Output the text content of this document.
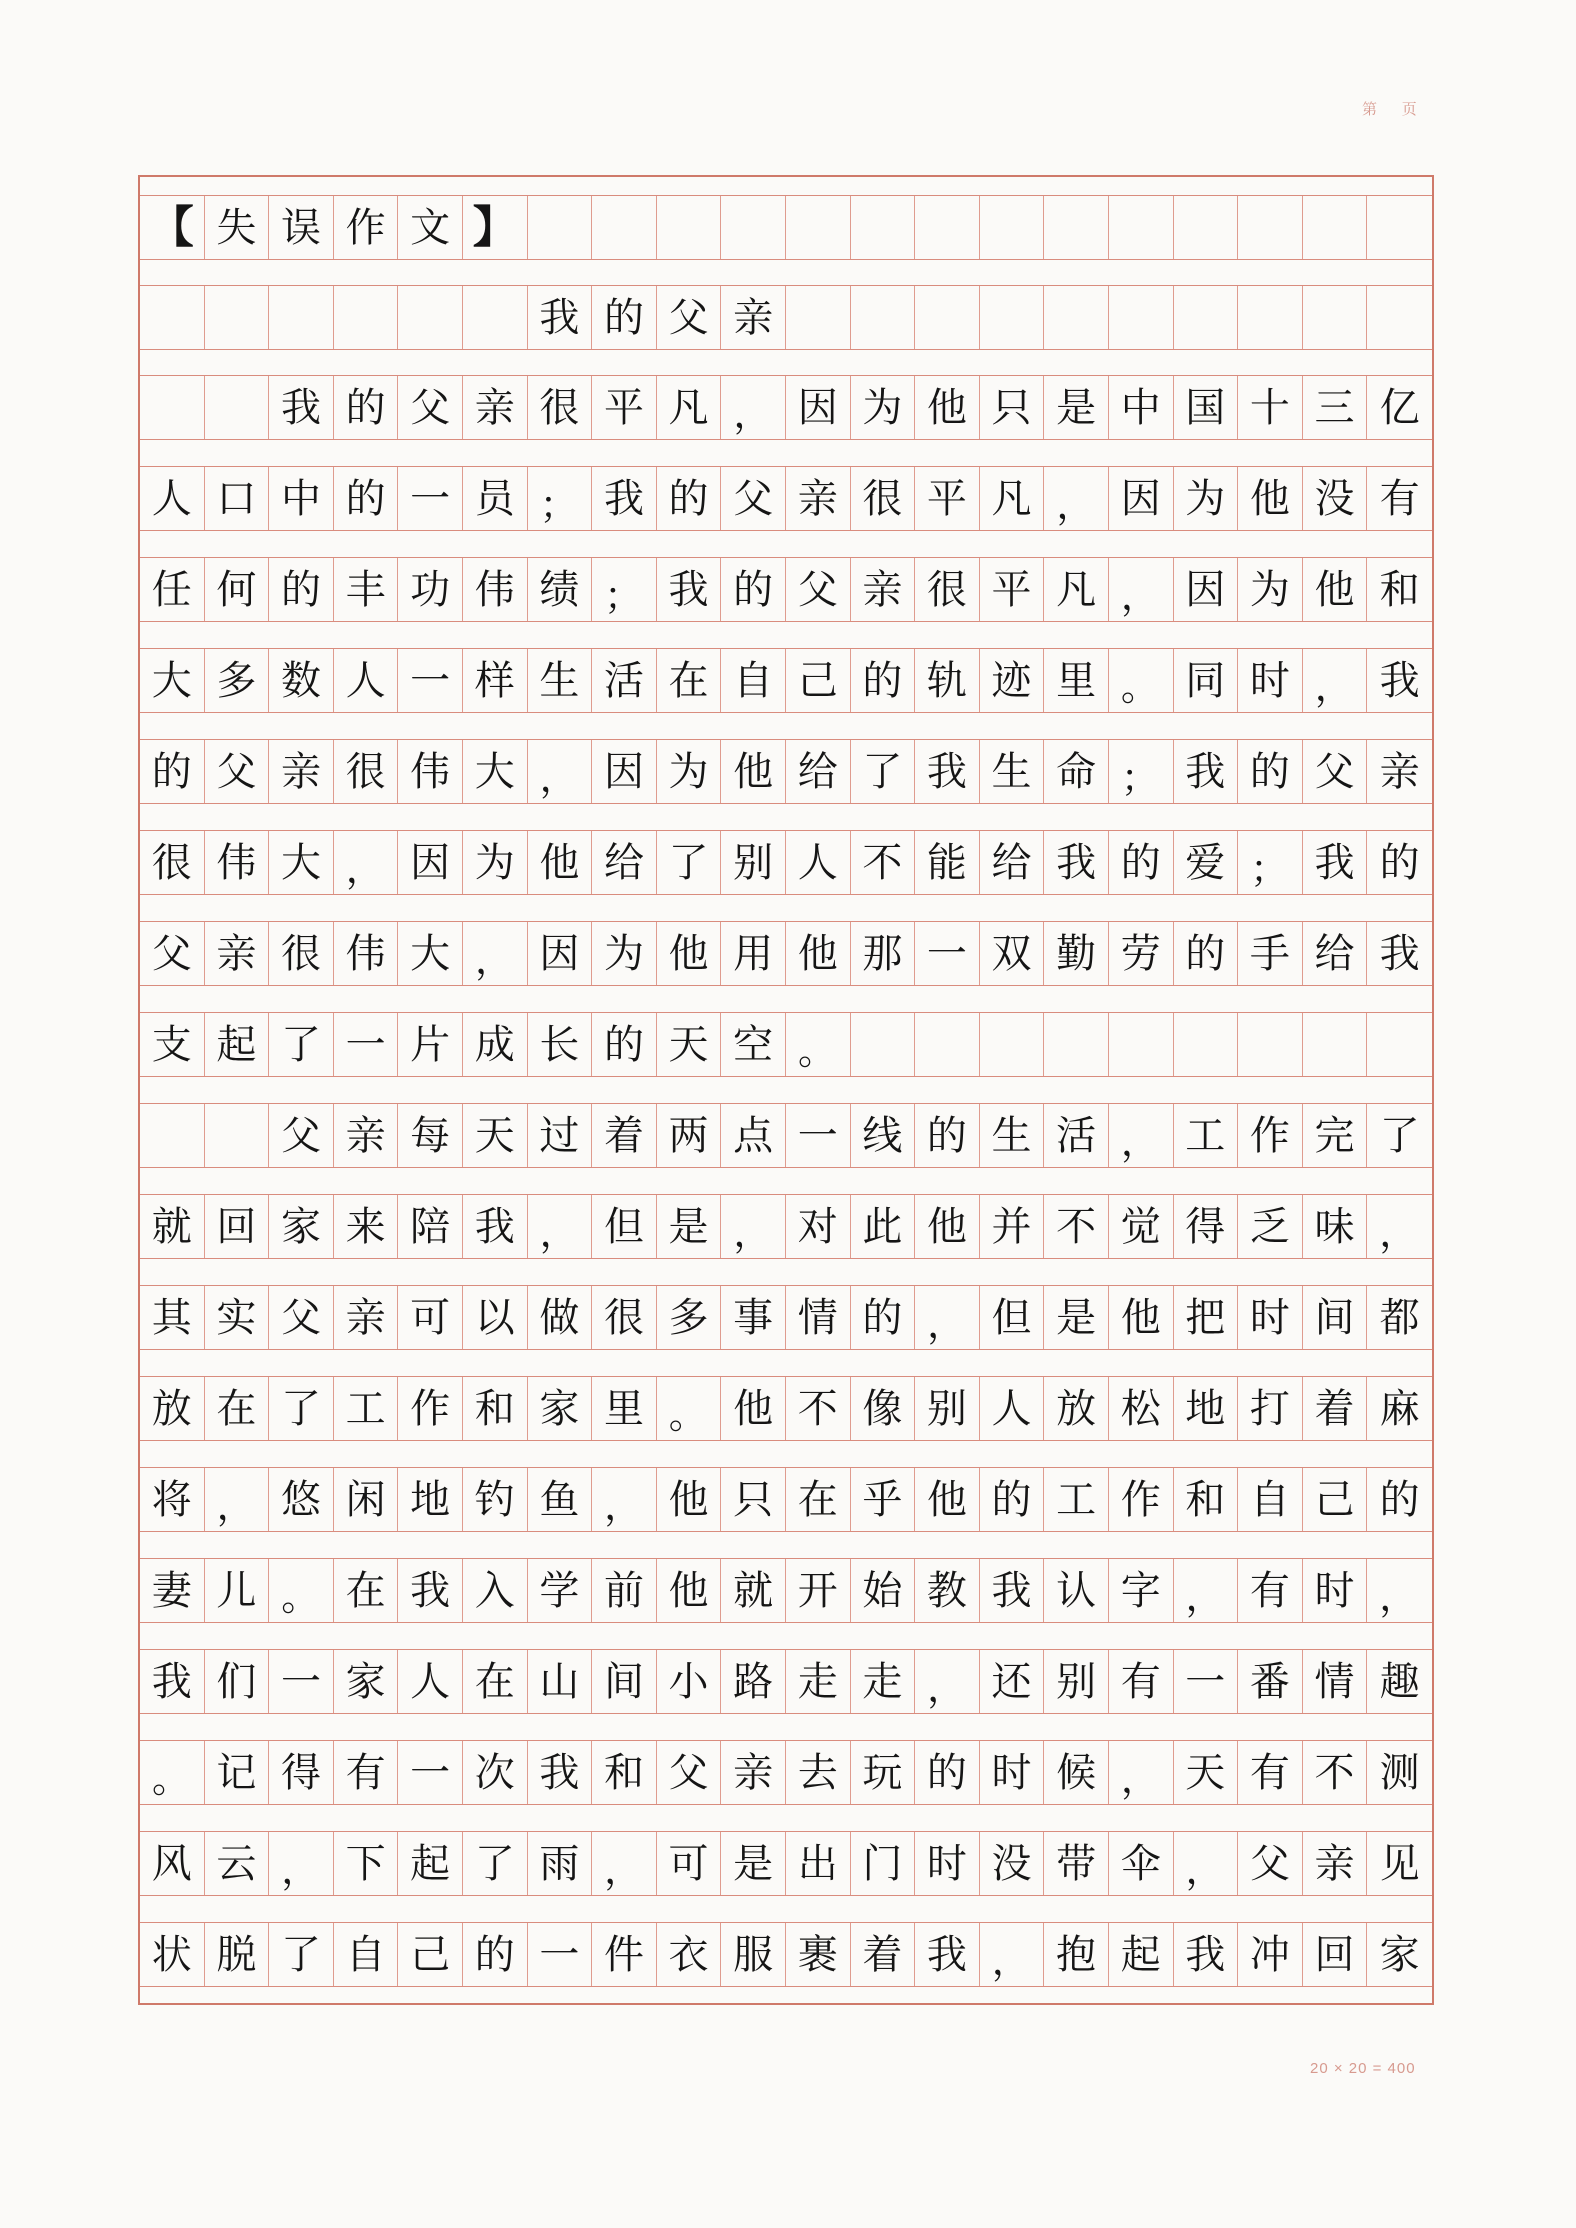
第 页
【 失 误 作 文 】
我 的 父 亲
我 的 父 亲 很 平 凡 ， 因 为 他 只 是 中 国 十 三 亿
人 口 中 的 一 员 ； 我 的 父 亲 很 平 凡 ， 因 为 他 没 有
任 何 的 丰 功 伟 绩 ； 我 的 父 亲 很 平 凡 ， 因 为 他 和
大 多 数 人 一 样 生 活 在 自 己 的 轨 迹 里 。 同 时 ， 我
的 父 亲 很 伟 大 ， 因 为 他 给 了 我 生 命 ； 我 的 父 亲
很 伟 大 ， 因 为 他 给 了 别 人 不 能 给 我 的 爱 ； 我 的
父 亲 很 伟 大 ， 因 为 他 用 他 那 一 双 勤 劳 的 手 给 我
支 起 了 一 片 成 长 的 天 空 。
父 亲 每 天 过 着 两 点 一 线 的 生 活 ， 工 作 完 了
就 回 家 来 陪 我 ， 但 是 ， 对 此 他 并 不 觉 得 乏 味 ，
其 实 父 亲 可 以 做 很 多 事 情 的 ， 但 是 他 把 时 间 都
放 在 了 工 作 和 家 里 。 他 不 像 别 人 放 松 地 打 着 麻
将 ， 悠 闲 地 钓 鱼 ， 他 只 在 乎 他 的 工 作 和 自 己 的
妻 儿 。 在 我 入 学 前 他 就 开 始 教 我 认 字 ， 有 时 ，
我 们 一 家 人 在 山 间 小 路 走 走 ， 还 别 有 一 番 情 趣
。 记 得 有 一 次 我 和 父 亲 去 玩 的 时 候 ， 天 有 不 测
风 云 ， 下 起 了 雨 ， 可 是 出 门 时 没 带 伞 ， 父 亲 见
状 脱 了 自 己 的 一 件 衣 服 裹 着 我 ， 抱 起 我 冲 回 家
20 × 20 = 400
